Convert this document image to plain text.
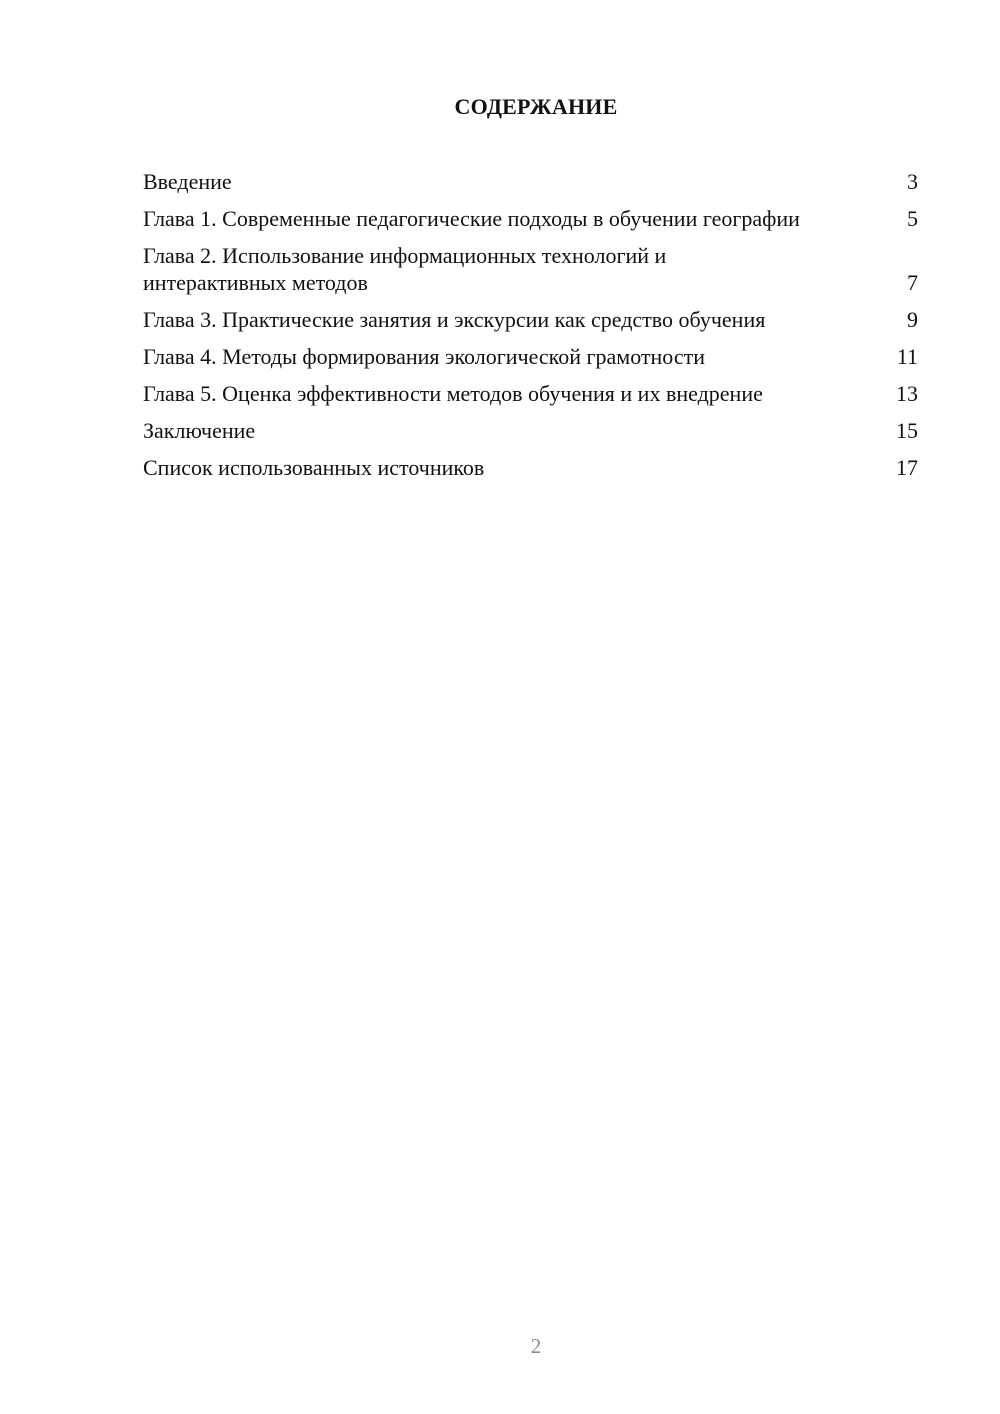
СОДЕРЖАНИЕ
Введение	3
Глава 1. Современные педагогические подходы в обучении географии	5
Глава 2. Использование информационных технологий и интерактивных методов	7
Глава 3. Практические занятия и экскурсии как средство обучения	9
Глава 4. Методы формирования экологической грамотности	11
Глава 5. Оценка эффективности методов обучения и их внедрение	13
Заключение	15
Список использованных источников	17
2
